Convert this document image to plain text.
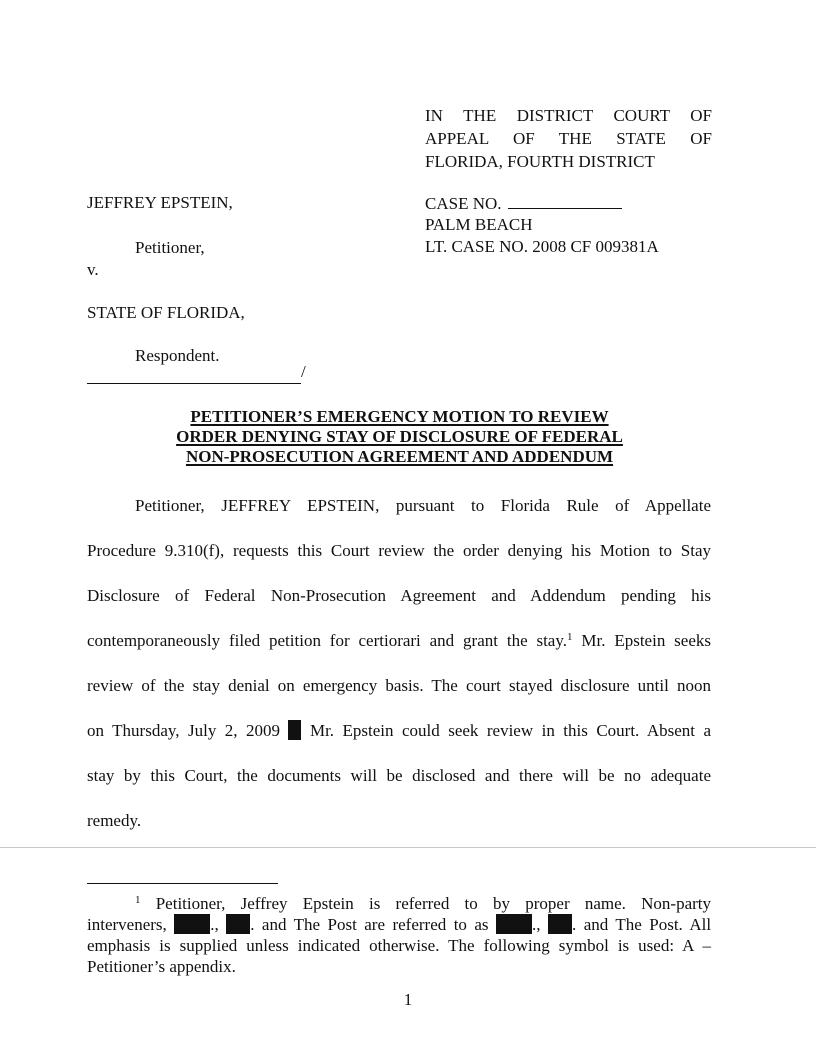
IN THE DISTRICT COURT OF
APPEAL OF THE STATE OF
FLORIDA, FOURTH DISTRICT
JEFFREY EPSTEIN,
Petitioner,
v.
STATE OF FLORIDA,
Respondent.
/
CASE NO.
PALM BEACH
LT. CASE NO. 2008 CF 009381A
PETITIONER’S EMERGENCY MOTION TO REVIEW
ORDER DENYING STAY OF DISCLOSURE OF FEDERAL
NON-PROSECUTION AGREEMENT AND ADDENDUM
Petitioner, JEFFREY EPSTEIN, pursuant to Florida Rule of Appellate
Procedure 9.310(f), requests this Court review the order denying his Motion to Stay
Disclosure of Federal Non-Prosecution Agreement and Addendum pending his
contemporaneously filed petition for certiorari and grant the stay.$^1$ Mr. Epstein seeks
review of the stay denial on emergency basis. The court stayed disclosure until noon
on Thursday, July 2, 2009  Mr. Epstein could seek review in this Court. Absent a
stay by this Court, the documents will be disclosed and there will be no adequate
remedy.
$^1$ Petitioner, Jeffrey Epstein is referred to by proper name. Non-party
interveners,	., . and The Post are referred to as	., . and The Post. All
emphasis is supplied unless indicated otherwise. The following symbol is used: A –
Petitioner’s appendix.
1
